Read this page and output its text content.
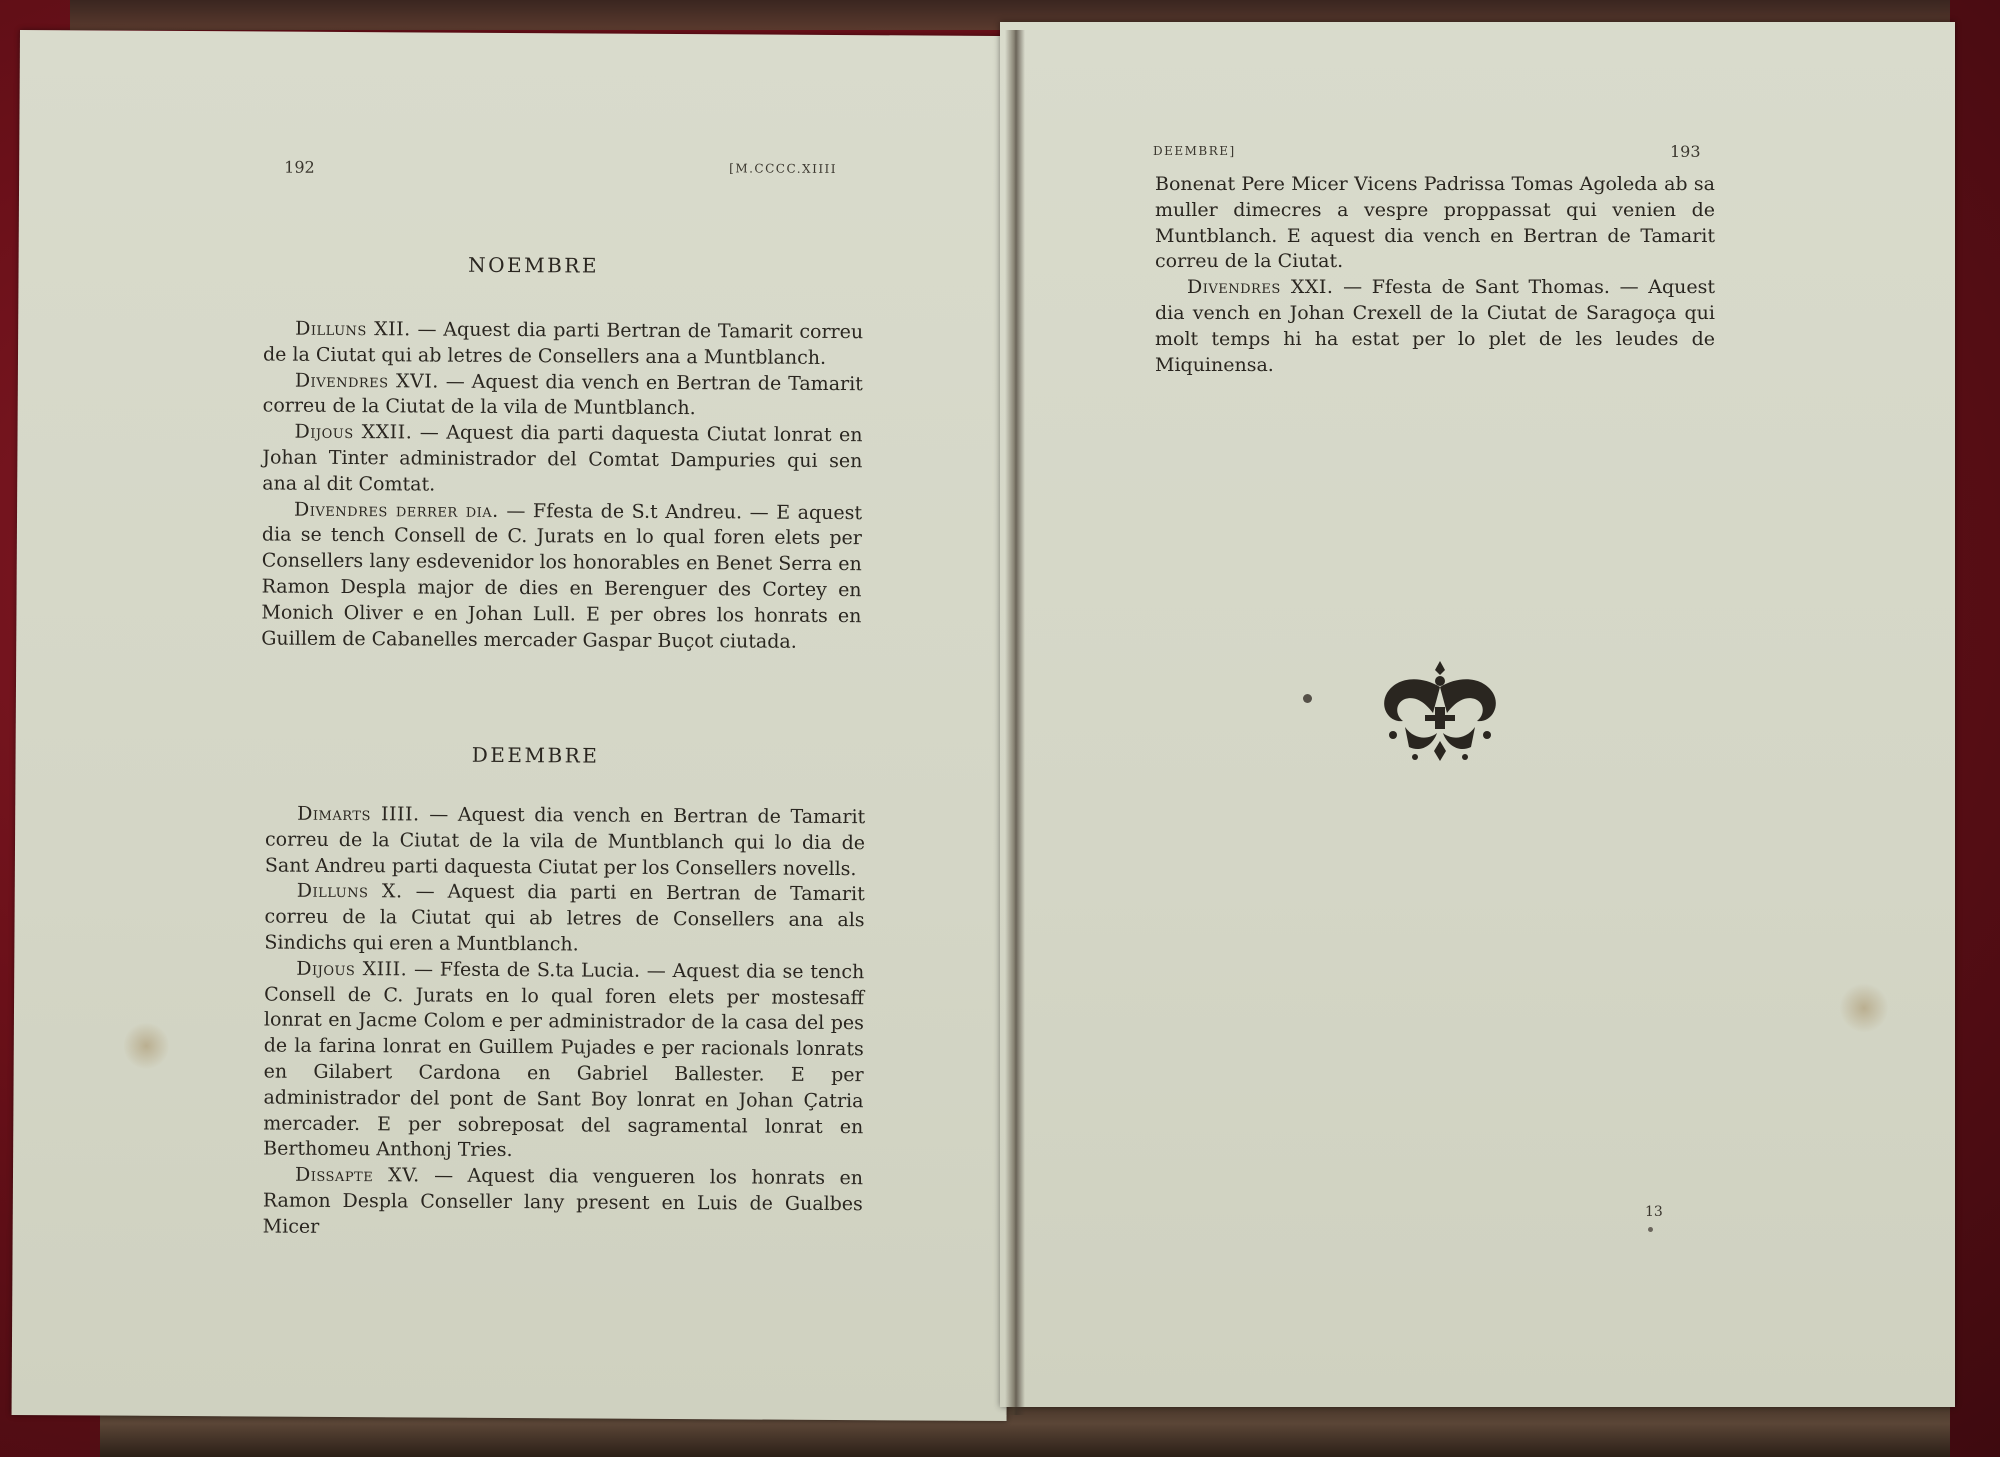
192	[M.CCCC.XIIII
NOEMBRE

Dilluns XII. — Aquest dia parti Bertran de Tamarit correu de la Ciutat qui ab letres de Consellers ana a Muntblanch.

Divendres XVI. — Aquest dia vench en Bertran de Tamarit correu de la Ciutat de la vila de Muntblanch.

Dijous XXII. — Aquest dia parti daquesta Ciutat lonrat en Johan Tinter administrador del Comtat Dampuries qui sen ana al dit Comtat.

Divendres derrer dia. — Ffesta de S.t Andreu. — E aquest dia se tench Consell de C. Jurats en lo qual foren elets per Consellers lany esdevenidor los honorables en Benet Serra en Ramon Despla major de dies en Berenguer des Cortey en Monich Oliver e en Johan Lull. E per obres los honrats en Guillem de Cabanelles mercader Gaspar Buçot ciutada.

DEEMBRE

Dimarts IIII. — Aquest dia vench en Bertran de Tamarit correu de la Ciutat de la vila de Muntblanch qui lo dia de Sant Andreu parti daquesta Ciutat per los Consellers novells.

Dilluns X. — Aquest dia parti en Bertran de Tamarit correu de la Ciutat qui ab letres de Consellers ana als Sindichs qui eren a Muntblanch.

Dijous XIII. — Ffesta de S.ta Lucia. — Aquest dia se tench Consell de C. Jurats en lo qual foren elets per mostesaff lonrat en Jacme Colom e per administrador de la casa del pes de la farina lonrat en Guillem Pujades e per racionals lonrats en Gilabert Cardona en Gabriel Ballester. E per administrador del pont de Sant Boy lonrat en Johan Çatria mercader. E per sobreposat del sagramental lonrat en Berthomeu Anthonj Tries.

Dissapte XV. — Aquest dia vengueren los honrats en Ramon Despla Conseller lany present en Luis de Gualbes Micer

DEEMBRE]	193

Bonenat Pere Micer Vicens Padrissa Tomas Agoleda ab sa muller dimecres a vespre proppassat qui venien de Muntblanch. E aquest dia vench en Bertran de Tamarit correu de la Ciutat.

Divendres XXI. — Ffesta de Sant Thomas. — Aquest dia vench en Johan Crexell de la Ciutat de Saragoça qui molt temps hi ha estat per lo plet de les leudes de Miquinensa.

13
